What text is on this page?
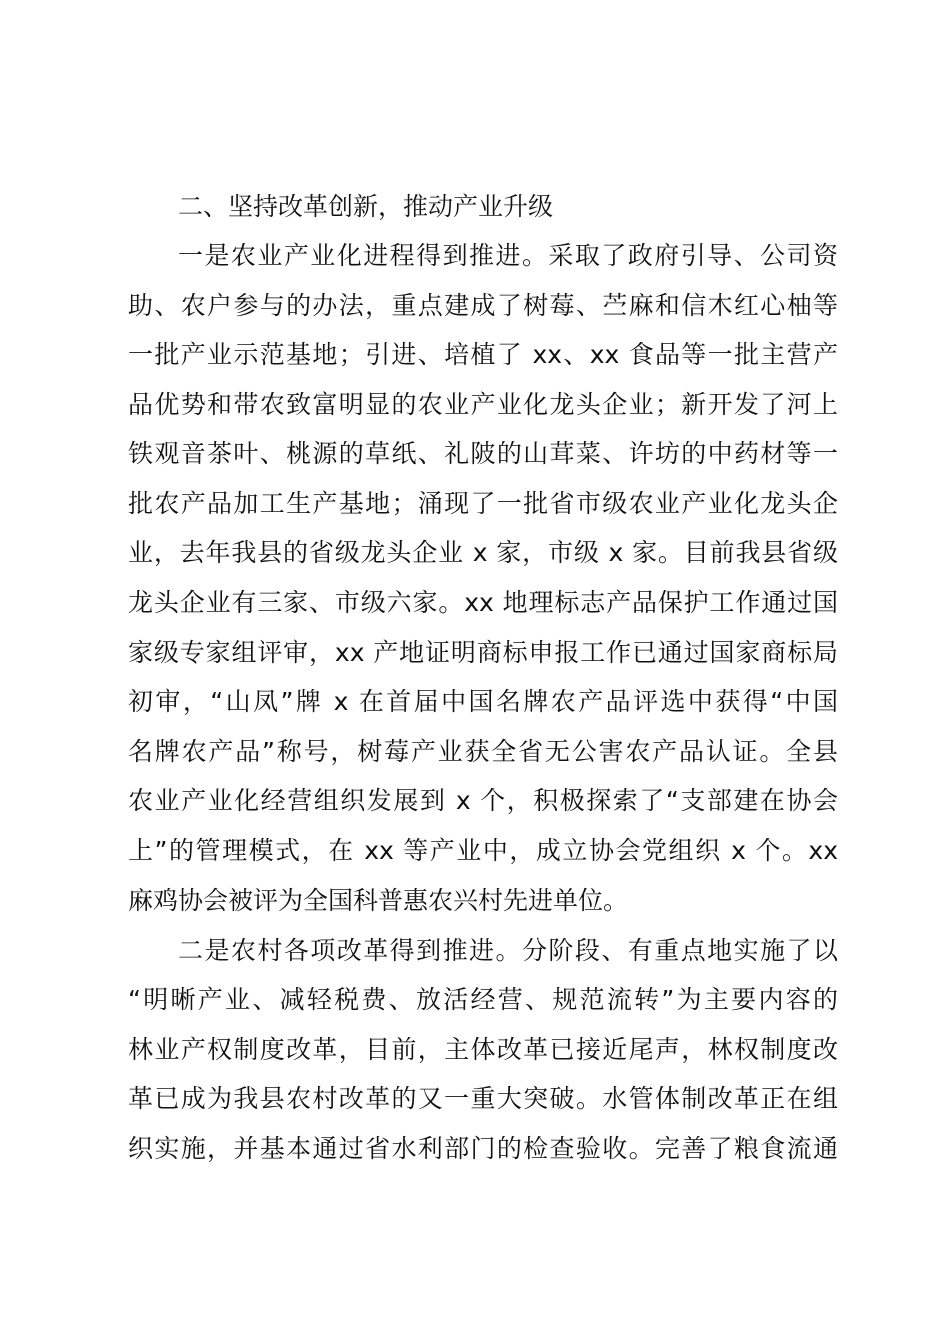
二、坚持改革创新，推动产业升级
一是农业产业化进程得到推进。采取了政府引导、公司资
助、农户参与的办法，重点建成了树莓、苎麻和信木红心柚等
一批产业示范基地；引进、培植了 xx、xx 食品等一批主营产
品优势和带农致富明显的农业产业化龙头企业；新开发了河上
铁观音茶叶、桃源的草纸、礼陂的山茸菜、许坊的中药材等一
批农产品加工生产基地；涌现了一批省市级农业产业化龙头企
业，去年我县的省级龙头企业 x 家，市级 x 家。目前我县省级
龙头企业有三家、市级六家。xx 地理标志产品保护工作通过国
家级专家组评审，xx 产地证明商标申报工作已通过国家商标局
初审，“山凤”牌 x 在首届中国名牌农产品评选中获得“中国
名牌农产品”称号，树莓产业获全省无公害农产品认证。全县
农业产业化经营组织发展到 x 个，积极探索了“支部建在协会
上”的管理模式，在 xx 等产业中，成立协会党组织 x 个。xx
麻鸡协会被评为全国科普惠农兴村先进单位。
二是农村各项改革得到推进。分阶段、有重点地实施了以
“明晰产业、减轻税费、放活经营、规范流转”为主要内容的
林业产权制度改革，目前，主体改革已接近尾声，林权制度改
革已成为我县农村改革的又一重大突破。水管体制改革正在组
织实施，并基本通过省水利部门的检查验收。完善了粮食流通
